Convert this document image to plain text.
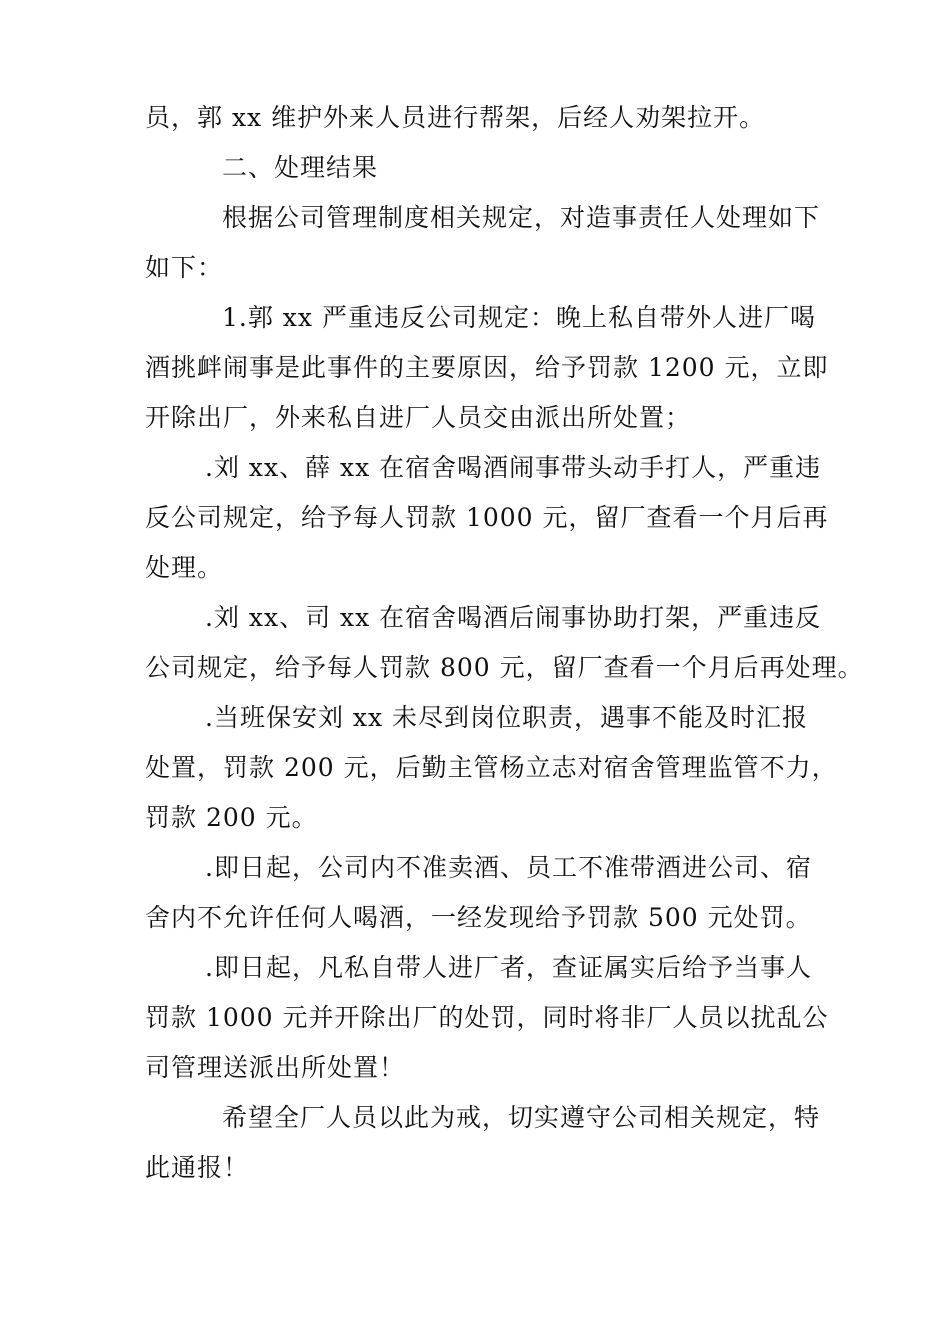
员，郭 xx 维护外来人员进行帮架，后经人劝架拉开。
二、处理结果
根据公司管理制度相关规定，对造事责任人处理如下
如下：
1.郭 xx 严重违反公司规定：晚上私自带外人进厂喝
酒挑衅闹事是此事件的主要原因，给予罚款 1200 元，立即
开除出厂，外来私自进厂人员交由派出所处置；
.刘 xx、薛 xx 在宿舍喝酒闹事带头动手打人，严重违
反公司规定，给予每人罚款 1000 元，留厂查看一个月后再
处理。
.刘 xx、司 xx 在宿舍喝酒后闹事协助打架，严重违反
公司规定，给予每人罚款 800 元，留厂查看一个月后再处理。
.当班保安刘 xx 未尽到岗位职责，遇事不能及时汇报
处置，罚款 200 元，后勤主管杨立志对宿舍管理监管不力，
罚款 200 元。
.即日起，公司内不准卖酒、员工不准带酒进公司、宿
舍内不允许任何人喝酒，一经发现给予罚款 500 元处罚。
.即日起，凡私自带人进厂者，查证属实后给予当事人
罚款 1000 元并开除出厂的处罚，同时将非厂人员以扰乱公
司管理送派出所处置！
希望全厂人员以此为戒，切实遵守公司相关规定，特
此通报！
